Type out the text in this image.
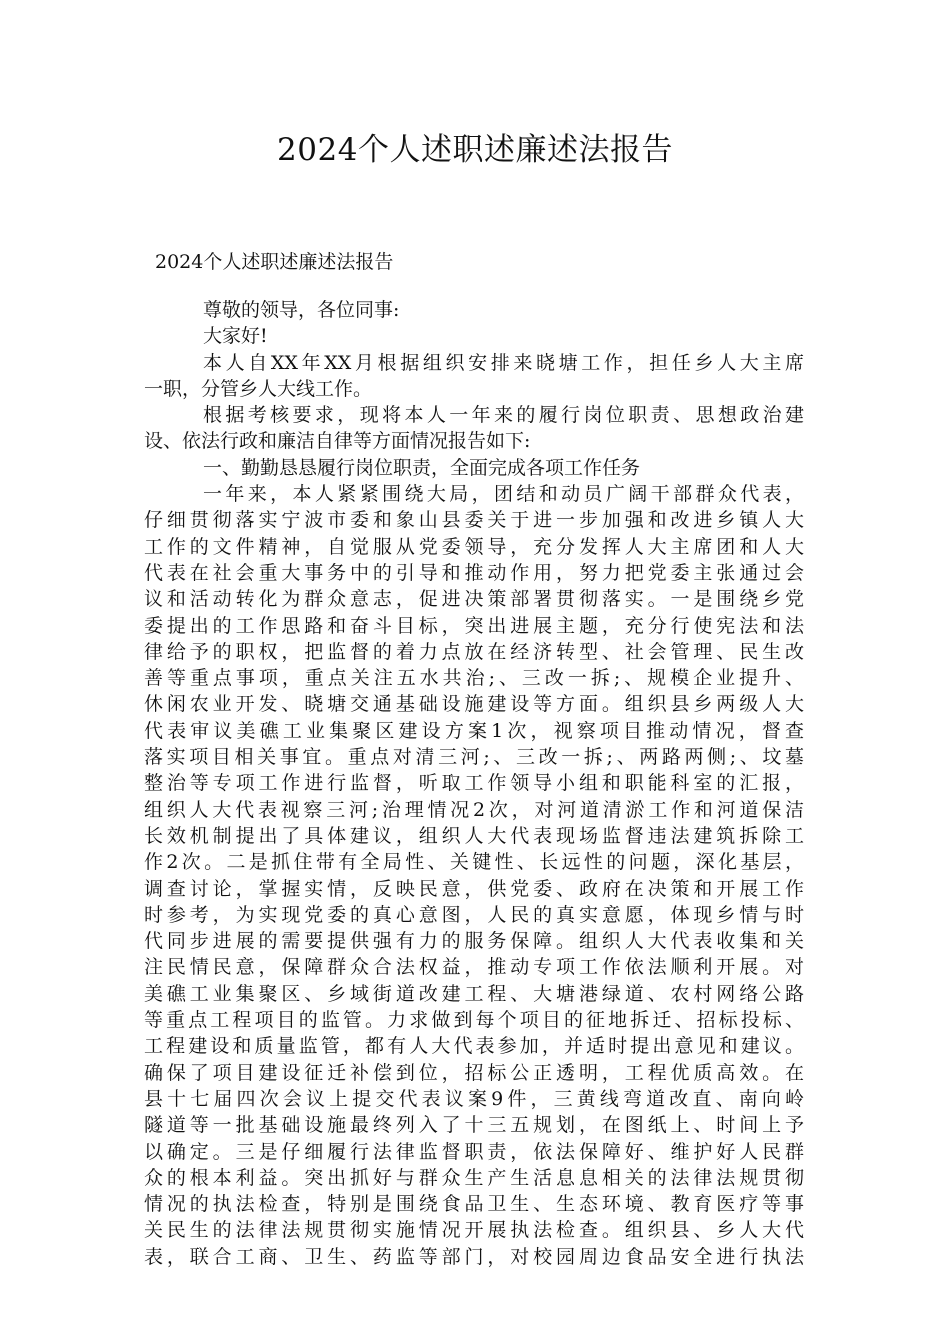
2024个人述职述廉述法报告
2024个人述职述廉述法报告
尊敬的领导，各位同事:
大家好!
本人自XX年XX月根据组织安排来晓塘工作，担任乡人大主席
一职，分管乡人大线工作。
根据考核要求，现将本人一年来的履行岗位职责、思想政治建
设、依法行政和廉洁自律等方面情况报告如下:
一、勤勤恳恳履行岗位职责，全面完成各项工作任务
一年来，本人紧紧围绕大局，团结和动员广阔干部群众代表，
仔细贯彻落实宁波市委和象山县委关于进一步加强和改进乡镇人大
工作的文件精神，自觉服从党委领导，充分发挥人大主席团和人大
代表在社会重大事务中的引导和推动作用，努力把党委主张通过会
议和活动转化为群众意志，促进决策部署贯彻落实。一是围绕乡党
委提出的工作思路和奋斗目标，突出进展主题，充分行使宪法和法
律给予的职权，把监督的着力点放在经济转型、社会管理、民生改
善等重点事项，重点关注五水共治;、三改一拆;、规模企业提升、
休闲农业开发、晓塘交通基础设施建设等方面。组织县乡两级人大
代表审议美礁工业集聚区建设方案1次，视察项目推动情况，督查
落实项目相关事宜。重点对清三河;、三改一拆;、两路两侧;、坟墓
整治等专项工作进行监督，听取工作领导小组和职能科室的汇报，
组织人大代表视察三河;治理情况2次，对河道清淤工作和河道保洁
长效机制提出了具体建议，组织人大代表现场监督违法建筑拆除工
作2次。二是抓住带有全局性、关键性、长远性的问题，深化基层，
调查讨论，掌握实情，反映民意，供党委、政府在决策和开展工作
时参考，为实现党委的真心意图，人民的真实意愿，体现乡情与时
代同步进展的需要提供强有力的服务保障。组织人大代表收集和关
注民情民意，保障群众合法权益，推动专项工作依法顺利开展。对
美礁工业集聚区、乡域街道改建工程、大塘港绿道、农村网络公路
等重点工程项目的监管。力求做到每个项目的征地拆迁、招标投标、
工程建设和质量监管，都有人大代表参加，并适时提出意见和建议。
确保了项目建设征迁补偿到位，招标公正透明，工程优质高效。在
县十七届四次会议上提交代表议案9件，三黄线弯道改直、南向岭
隧道等一批基础设施最终列入了十三五规划，在图纸上、时间上予
以确定。三是仔细履行法律监督职责，依法保障好、维护好人民群
众的根本利益。突出抓好与群众生产生活息息相关的法律法规贯彻
情况的执法检查，特别是围绕食品卫生、生态环境、教育医疗等事
关民生的法律法规贯彻实施情况开展执法检查。组织县、乡人大代
表，联合工商、卫生、药监等部门，对校园周边食品安全进行执法
